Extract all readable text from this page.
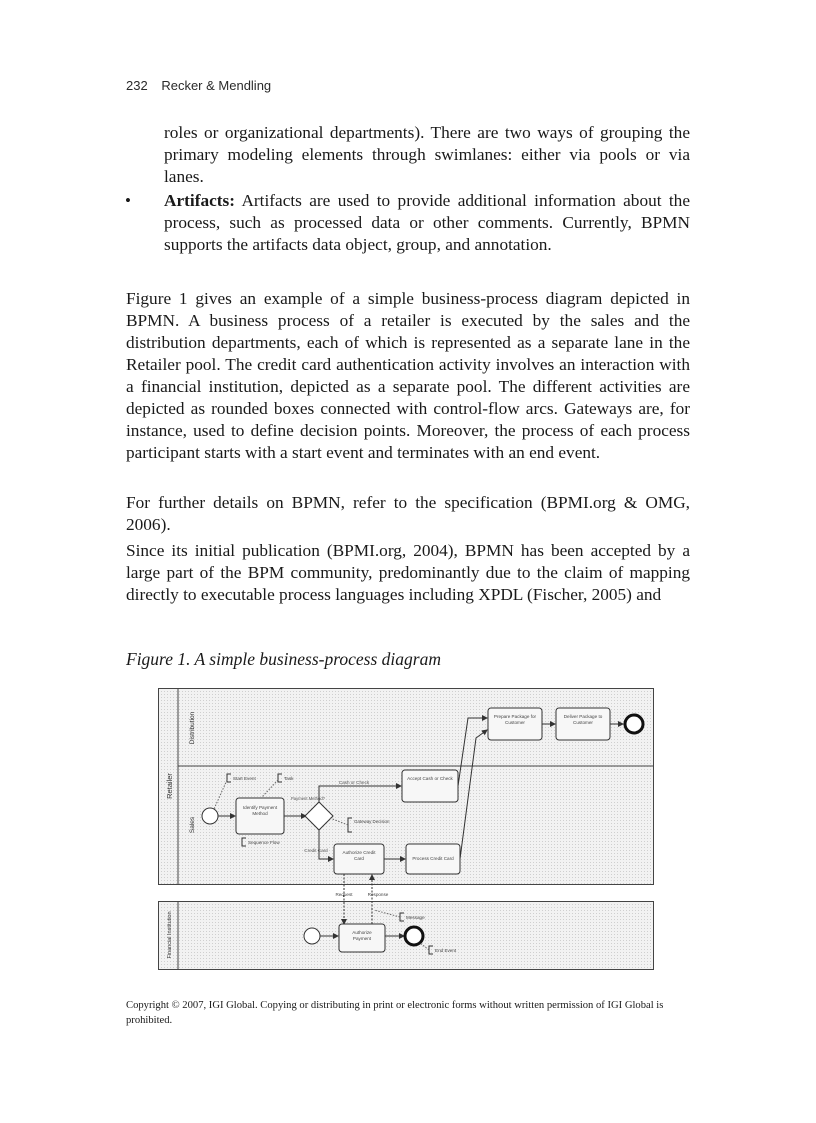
232 Recker & Mendling

roles or organizational departments). There are two ways of grouping the primary modeling elements through swimlanes: either via pools or via lanes.

• Artifacts: Artifacts are used to provide additional information about the process, such as processed data or other comments. Currently, BPMN supports the artifacts data object, group, and annotation.

Figure 1 gives an example of a simple business-process diagram depicted in BPMN. A business process of a retailer is executed by the sales and the distribution departments, each of which is represented as a separate lane in the Retailer pool. The credit card authentication activity involves an interaction with a financial institution, depicted as a separate pool. The different activities are depicted as rounded boxes connected with control-flow arcs. Gateways are, for instance, used to define decision points. Moreover, the process of each process participant starts with a start event and terminates with an end event.

For further details on BPMN, refer to the specification (BPMI.org & OMG, 2006).

Since its initial publication (BPMI.org, 2004), BPMN has been accepted by a large part of the BPM community, predominantly due to the claim of mapping directly to executable process languages including XPDL (Fischer, 2005) and

Figure 1. A simple business-process diagram
Retailer
Distribution
Sales
Financial Institution
Prepare Package for Customer
Deliver Package to Customer
Identify Payment Method
Payment Method?
Accept Cash or Check
Cash or Check
Authorize Credit Card
Credit Card
Process Credit Card
Request	Response
Authorize Payment
Start Event	Task
Gateway Decision
Sequence Flow
Message
End Event

Copyright © 2007, IGI Global. Copying or distributing in print or electronic forms without written permission of IGI Global is prohibited.
